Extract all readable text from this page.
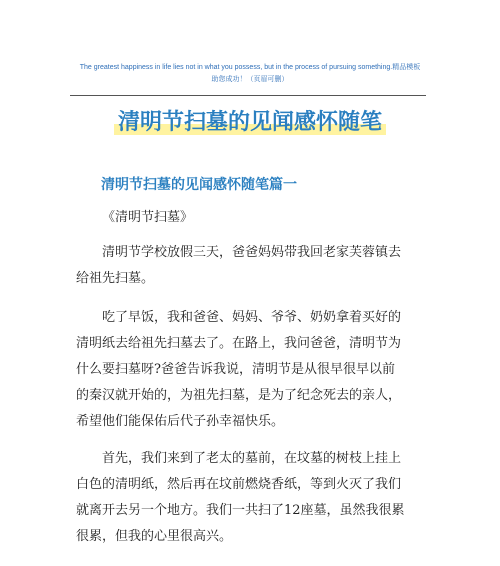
The greatest happiness in life lies not in what you possess, but in the process of pursuing something.精品模板
助您成功！（页眉可删）
清明节扫墓的见闻感怀随笔
清明节扫墓的见闻感怀随笔篇一

《清明节扫墓》

清明节学校放假三天，爸爸妈妈带我回老家芙蓉镇去给祖先扫墓。

吃了早饭，我和爸爸、妈妈、爷爷、奶奶拿着买好的清明纸去给祖先扫墓去了。在路上，我问爸爸，清明节为什么要扫墓呀?爸爸告诉我说，清明节是从很早很早以前的秦汉就开始的，为祖先扫墓，是为了纪念死去的亲人，希望他们能保佑后代子孙幸福快乐。

首先，我们来到了老太的墓前，在坟墓的树枝上挂上白色的清明纸，然后再在坟前燃烧香纸，等到火灭了我们就离开去另一个地方。我们一共扫了12座墓，虽然我很累很累，但我的心里很高兴。
